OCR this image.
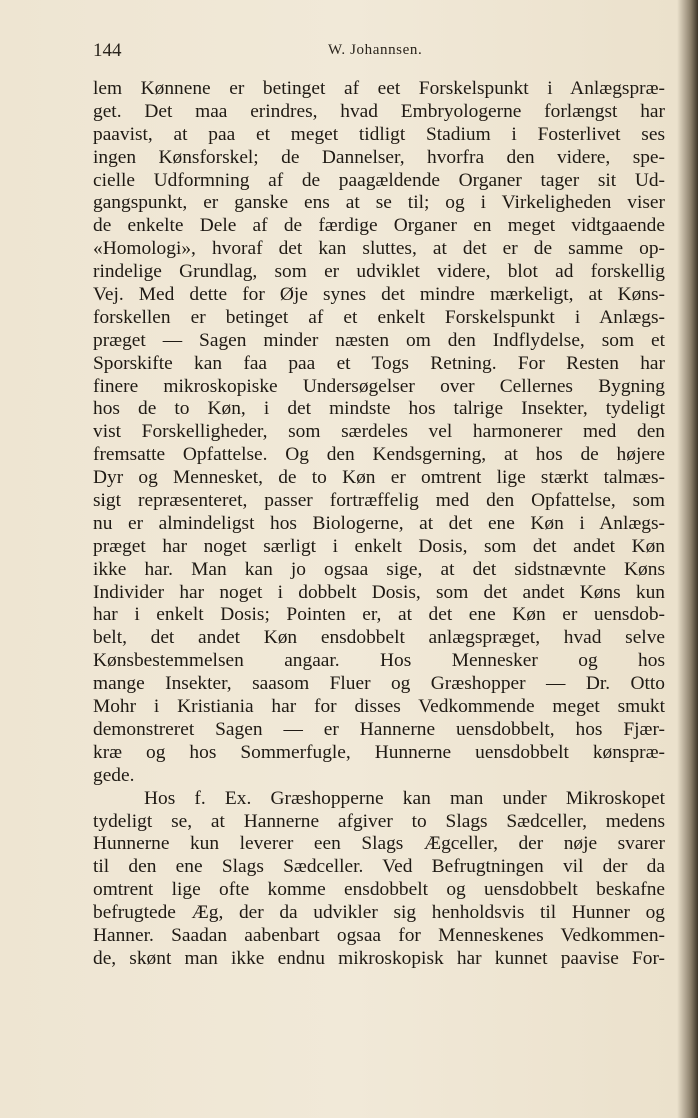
144	W. Johannsen.
lem Kønnene er betinget af eet Forskelspunkt i Anlægspræ-
get. Det maa erindres, hvad Embryologerne forlængst har
paavist, at paa et meget tidligt Stadium i Fosterlivet ses
ingen Kønsforskel; de Dannelser, hvorfra den videre, spe-
cielle Udformning af de paagældende Organer tager sit Ud-
gangspunkt, er ganske ens at se til; og i Virkeligheden viser
de enkelte Dele af de færdige Organer en meget vidtgaaende
«Homologi», hvoraf det kan sluttes, at det er de samme op-
rindelige Grundlag, som er udviklet videre, blot ad forskellig
Vej. Med dette for Øje synes det mindre mærkeligt, at Køns-
forskellen er betinget af et enkelt Forskelspunkt i Anlægs-
præget — Sagen minder næsten om den Indflydelse, som et
Sporskifte kan faa paa et Togs Retning. For Resten har
finere mikroskopiske Undersøgelser over Cellernes Bygning
hos de to Køn, i det mindste hos talrige Insekter, tydeligt
vist Forskelligheder, som særdeles vel harmonerer med den
fremsatte Opfattelse. Og den Kendsgerning, at hos de højere
Dyr og Mennesket, de to Køn er omtrent lige stærkt talmæs-
sigt repræsenteret, passer fortræffelig med den Opfattelse, som
nu er almindeligst hos Biologerne, at det ene Køn i Anlægs-
præget har noget særligt i enkelt Dosis, som det andet Køn
ikke har. Man kan jo ogsaa sige, at det sidstnævnte Køns
Individer har noget i dobbelt Dosis, som det andet Køns kun
har i enkelt Dosis; Pointen er, at det ene Køn er uensdob-
belt, det andet Køn ensdobbelt anlægspræget, hvad selve
Kønsbestemmelsen angaar. Hos Mennesker og hos
mange Insekter, saasom Fluer og Græshopper — Dr. Otto
Mohr i Kristiania har for disses Vedkommende meget smukt
demonstreret Sagen — er Hannerne uensdobbelt, hos Fjær-
kræ og hos Sommerfugle, Hunnerne uensdobbelt kønspræ-
gede.
Hos f. Ex. Græshopperne kan man under Mikroskopet
tydeligt se, at Hannerne afgiver to Slags Sædceller, medens
Hunnerne kun leverer een Slags Ægceller, der nøje svarer
til den ene Slags Sædceller. Ved Befrugtningen vil der da
omtrent lige ofte komme ensdobbelt og uensdobbelt beskafne
befrugtede Æg, der da udvikler sig henholdsvis til Hunner og
Hanner. Saadan aabenbart ogsaa for Menneskenes Vedkommen-
de, skønt man ikke endnu mikroskopisk har kunnet paavise For-
